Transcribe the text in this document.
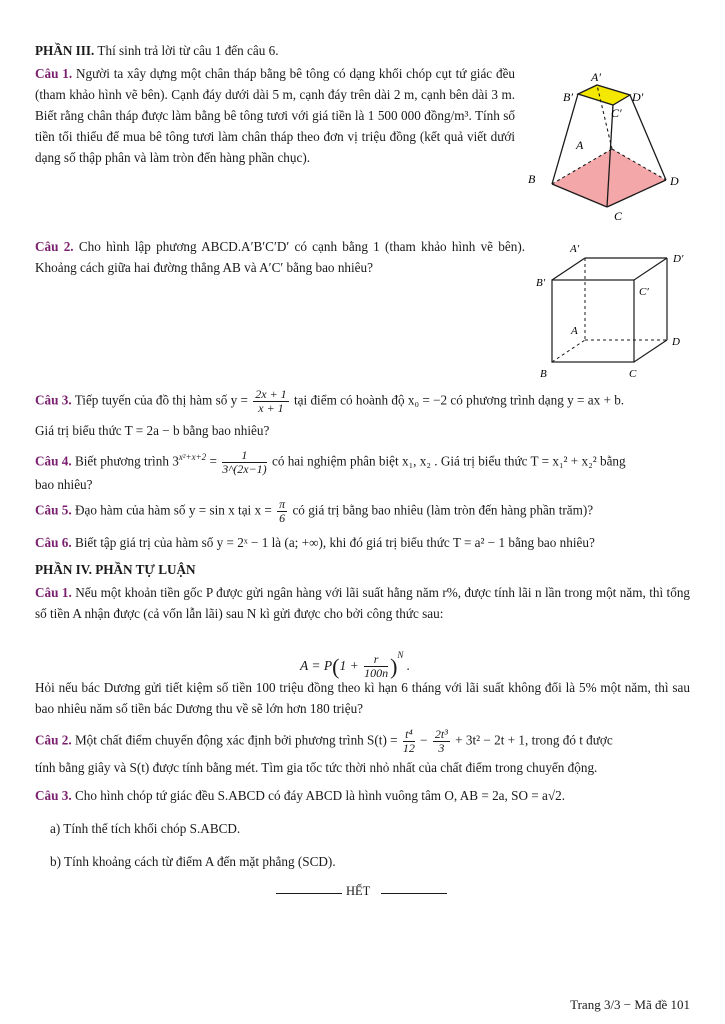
PHẦN III. Thí sinh trả lời từ câu 1 đến câu 6.
Câu 1. Người ta xây dựng một chân tháp bằng bê tông có dạng khối chóp cụt tứ giác đều (tham khảo hình vẽ bên). Cạnh đáy dưới dài 5 m, cạnh đáy trên dài 2 m, cạnh bên dài 3 m. Biết rằng chân tháp được làm bằng bê tông tươi với giá tiền là 1 500 000 đồng/m³. Tính số tiền tối thiểu để mua bê tông tươi làm chân tháp theo đơn vị triệu đồng (kết quả viết dưới dạng số thập phân và làm tròn đến hàng phần chục).
A′
B′
C′
D′
A
B
C
D
Câu 2. Cho hình lập phương ABCD.A′B′C′D′ có cạnh bằng 1 (tham khảo hình vẽ bên). Khoảng cách giữa hai đường thẳng AB và A′C′ bằng bao nhiêu?
A′
D′
B′
C′
A
D
B	C
Câu 3. Tiếp tuyến của đồ thị hàm số $y = \frac{2x + 1}{x + 1}$ tại điểm có hoành độ x₀ = −2 có phương trình dạng y = ax + b.
Giá trị biểu thức T = 2a − b bằng bao nhiêu?
Câu 4. Biết phương trình $3^{x^2+x+2} = \frac{1}{3\^{}(2x-1)}$ có hai nghiệm phân biệt x₁, x₂ . Giá trị biểu thức T = x₁² + x₂² bằng
bao nhiêu?
Câu 5. Đạo hàm của hàm số y = sin x tại $x = \frac{\pi}{6}$ có giá trị bằng bao nhiêu (làm tròn đến hàng phần trăm)?
Câu 6. Biết tập giá trị của hàm số y = 2ˣ − 1 là (a; +∞), khi đó giá trị biểu thức T = a² − 1 bằng bao nhiêu?
PHẦN IV. PHẦN TỰ LUẬN
Câu 1. Nếu một khoản tiền gốc P được gửi ngân hàng với lãi suất hằng năm r%, được tính lãi n lần trong một năm, thì tổng số tiền A nhận được (cả vốn lẫn lãi) sau N kì gửi được cho bởi công thức sau:
$A = P(1 + \frac{r}{100n} )^N$ .
Hỏi nếu bác Dương gửi tiết kiệm số tiền 100 triệu đồng theo kì hạn 6 tháng với lãi suất không đổi là 5% một năm, thì sau bao nhiêu năm số tiền bác Dương thu về sẽ lớn hơn 180 triệu?
Câu 2. Một chất điểm chuyển động xác định bởi phương trình $S(t) = \frac{\text{t⁴}}{12} - \frac{\text{2t³}}{3} + 3t^2 - 2t + 1$, trong đó t được
tính bằng giây và S(t) được tính bằng mét. Tìm gia tốc tức thời nhỏ nhất của chất điểm trong chuyển động.
Câu 3. Cho hình chóp tứ giác đều S.ABCD có đáy ABCD là hình vuông tâm O, AB = 2a, SO = a√2.
a) Tính thể tích khối chóp S.ABCD.
b) Tính khoảng cách từ điểm A đến mặt phẳng (SCD).
HẾT
Trang 3/3 − Mã đề 101
